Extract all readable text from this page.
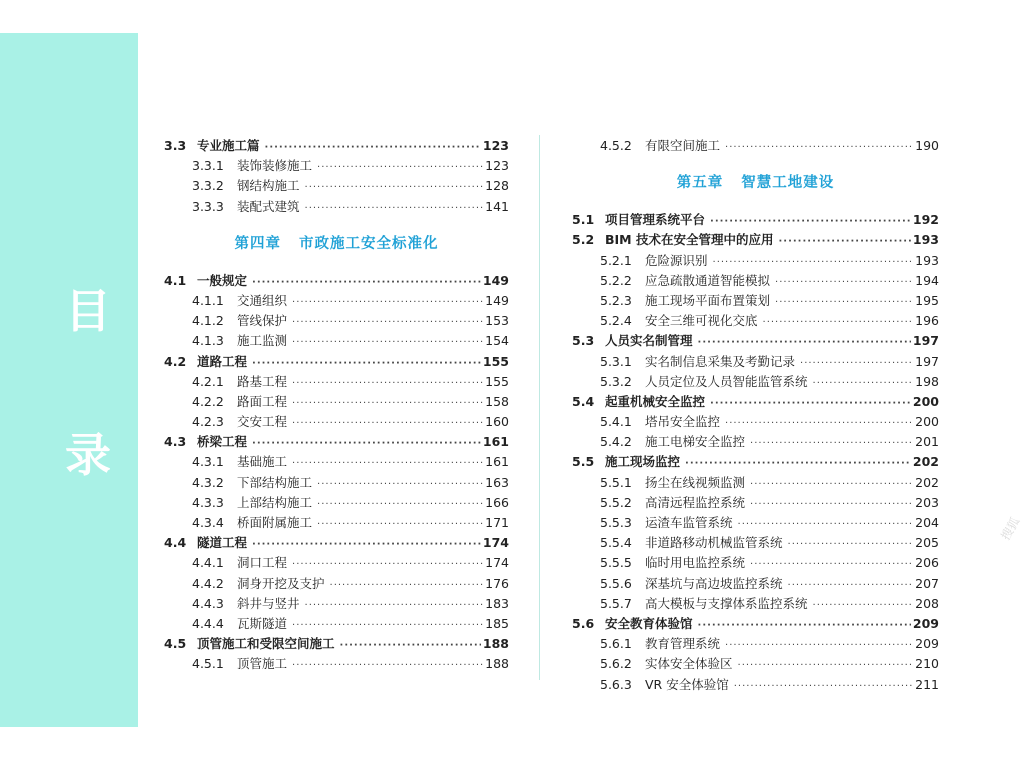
目
录
3.3 专业施工篇 ·····	123
3.3.1	装饰装修施工 ·····	123
3.3.2	钢结构施工 ·····	128
3.3.3	装配式建筑 ·····	141
第四章 市政施工安全标准化
4.1 一般规定 ·····	149
4.1.1	交通组织 ·····	149
4.1.2	管线保护 ·····	153
4.1.3	施工监测 ·····	154
4.2 道路工程 ·····	155
4.2.1	路基工程 ·····	155
4.2.2	路面工程 ·····	158
4.2.3	交安工程 ·····	160
4.3 桥梁工程 ·····	161
4.3.1	基础施工 ·····	161
4.3.2	下部结构施工 ·····	163
4.3.3	上部结构施工 ·····	166
4.3.4	桥面附属施工 ·····	171
4.4 隧道工程 ·····	174
4.4.1	洞口工程 ·····	174
4.4.2	洞身开挖及支护 ·····	176
4.4.3	斜井与竖井 ·····	183
4.4.4	瓦斯隧道 ·····	185
4.5 顶管施工和受限空间施工 ·····	188
4.5.1	顶管施工 ·····	188
4.5.2	有限空间施工 ·····	190
第五章 智慧工地建设
5.1 项目管理系统平台 ·····	192
5.2 BIM 技术在安全管理中的应用 ·····	193
5.2.1	危险源识别 ·····	193
5.2.2	应急疏散通道智能模拟 ·····	194
5.2.3	施工现场平面布置策划 ·····	195
5.2.4	安全三维可视化交底 ·····	196
5.3 人员实名制管理 ·····	197
5.3.1	实名制信息采集及考勤记录 ·····	197
5.3.2	人员定位及人员智能监管系统 ·····	198
5.4 起重机械安全监控 ·····	200
5.4.1	塔吊安全监控 ·····	200
5.4.2	施工电梯安全监控 ·····	201
5.5 施工现场监控 ·····	202
5.5.1	扬尘在线视频监测 ·····	202
5.5.2	高清远程监控系统 ·····	203
5.5.3	运渣车监管系统 ·····	204
5.5.4	非道路移动机械监管系统 ·····	205
5.5.5	临时用电监控系统 ·····	206
5.5.6	深基坑与高边坡监控系统 ·····	207
5.5.7	高大模板与支撑体系监控系统 ·····	208
5.6 安全教育体验馆 ·····	209
5.6.1	教育管理系统 ·····	209
5.6.2	实体安全体验区 ·····	210
5.6.3	VR 安全体验馆 ·····	211
搜狐
